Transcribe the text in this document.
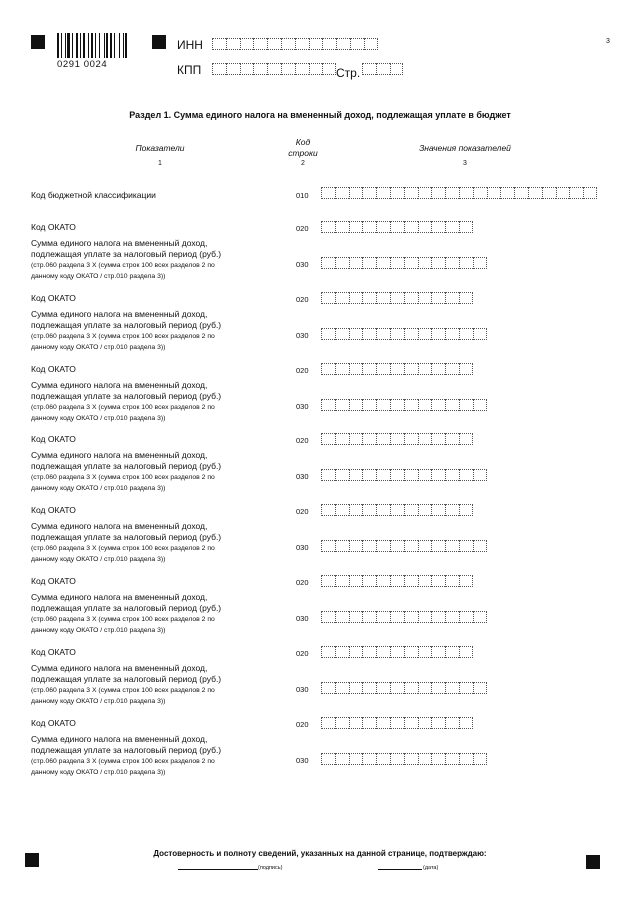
0291 0024
ИНН
КПП	Стр.
3
Раздел 1. Сумма единого налога на вмененный доход, подлежащая уплате в бюджет
Показатели
Код
строки	Значения показателей
1	2	3
Код бюджетной классификации	010
Код ОКАТО	020
Сумма единого налога на вмененный доход,
подлежащая уплате за налоговый период (руб.)
(стр.060 раздела 3 X (сумма строк 100 всех разделов 2 по
данному коду ОКАТО / стр.010 раздела 3))
030
Код ОКАТО	020
Сумма единого налога на вмененный доход,
подлежащая уплате за налоговый период (руб.)
(стр.060 раздела 3 X (сумма строк 100 всех разделов 2 по
данному коду ОКАТО / стр.010 раздела 3))
030
Код ОКАТО	020
Сумма единого налога на вмененный доход,
подлежащая уплате за налоговый период (руб.)
(стр.060 раздела 3 X (сумма строк 100 всех разделов 2 по
данному коду ОКАТО / стр.010 раздела 3))
030
Код ОКАТО	020
Сумма единого налога на вмененный доход,
подлежащая уплате за налоговый период (руб.)
(стр.060 раздела 3 X (сумма строк 100 всех разделов 2 по
данному коду ОКАТО / стр.010 раздела 3))
030
Код ОКАТО	020
Сумма единого налога на вмененный доход,
подлежащая уплате за налоговый период (руб.)
(стр.060 раздела 3 X (сумма строк 100 всех разделов 2 по
данному коду ОКАТО / стр.010 раздела 3))
030
Код ОКАТО	020
Сумма единого налога на вмененный доход,
подлежащая уплате за налоговый период (руб.)
(стр.060 раздела 3 X (сумма строк 100 всех разделов 2 по
данному коду ОКАТО / стр.010 раздела 3))
030
Код ОКАТО	020
Сумма единого налога на вмененный доход,
подлежащая уплате за налоговый период (руб.)
(стр.060 раздела 3 X (сумма строк 100 всех разделов 2 по
данному коду ОКАТО / стр.010 раздела 3))
030
Код ОКАТО	020
Сумма единого налога на вмененный доход,
подлежащая уплате за налоговый период (руб.)
(стр.060 раздела 3 X (сумма строк 100 всех разделов 2 по
данному коду ОКАТО / стр.010 раздела 3))
030
Достоверность и полноту сведений, указанных на данной странице, подтверждаю:
(подпись)	(дата)
